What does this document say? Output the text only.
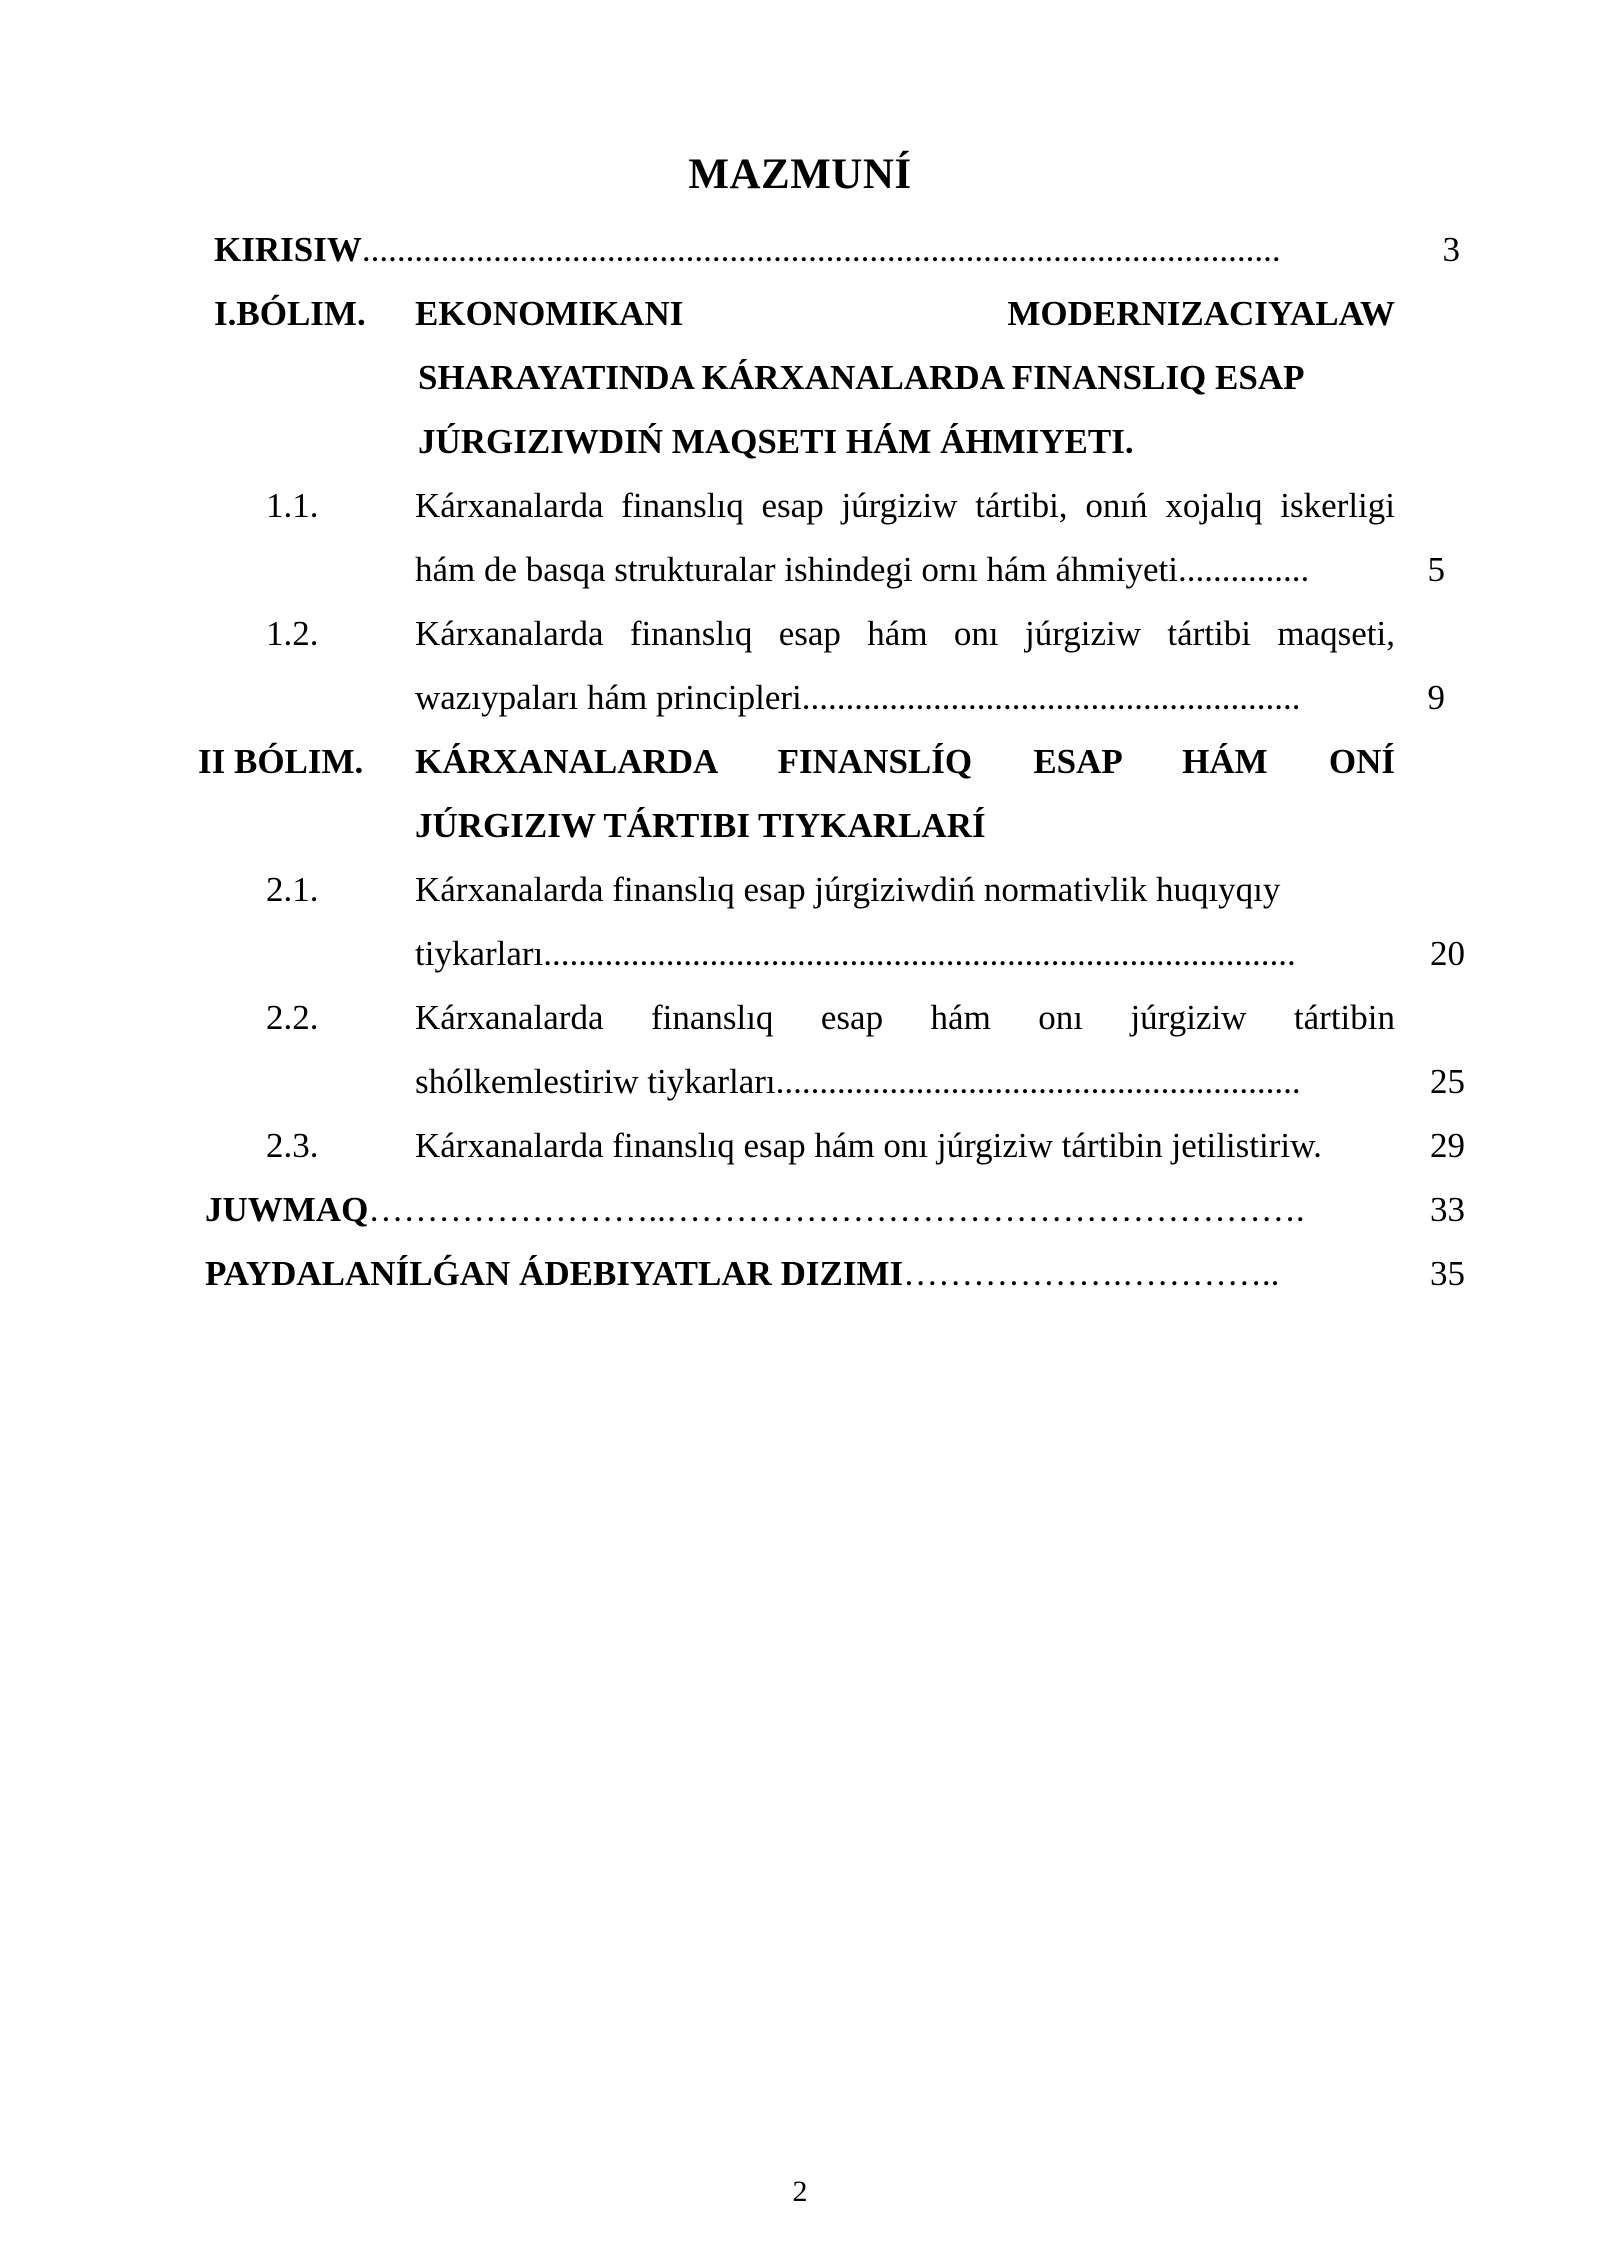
MAZMUNÍ
KIRISIW.........................................................................................................	3
I.BÓLIM. EKONOMIKANI	MODERNIZACIYALAW
SHARAYATINDA KÁRXANALARDA FINANSLIQ ESAP
JÚRGIZIWDIŃ MAQSETI HÁM ÁHMIYETI.
1.1.	Kárxanalarda finanslıq esap júrgiziw tártibi, onıń xojalıq iskerligi
hám de basqa strukturalar ishindegi ornı hám áhmiyeti...............	5
1.2.	Kárxanalarda finanslıq esap hám onı júrgiziw tártibi maqseti,
wazıypaları hám principleri.........................................................	9
II BÓLIM. KÁRXANALARDA FINANSLÍQ ESAP HÁM ONÍ
JÚRGIZIW TÁRTIBI TIYKARLARÍ
2.1.	Kárxanalarda finanslıq esap júrgiziwdiń normativlik huqıyqıy
tiykarları......................................................................................	20
2.2.	Kárxanalarda finanslıq esap hám onı júrgiziw tártibin
shólkemlestiriw tiykarları............................................................	25
2.3.	Kárxanalarda finanslıq esap hám onı júrgiziw tártibin jetilistiriw.	29
JUWMAQ……………………..……………………………………………….	33
PAYDALANÍLǴAN ÁDEBIYATLAR DIZIMI……………….…………..	35
2
